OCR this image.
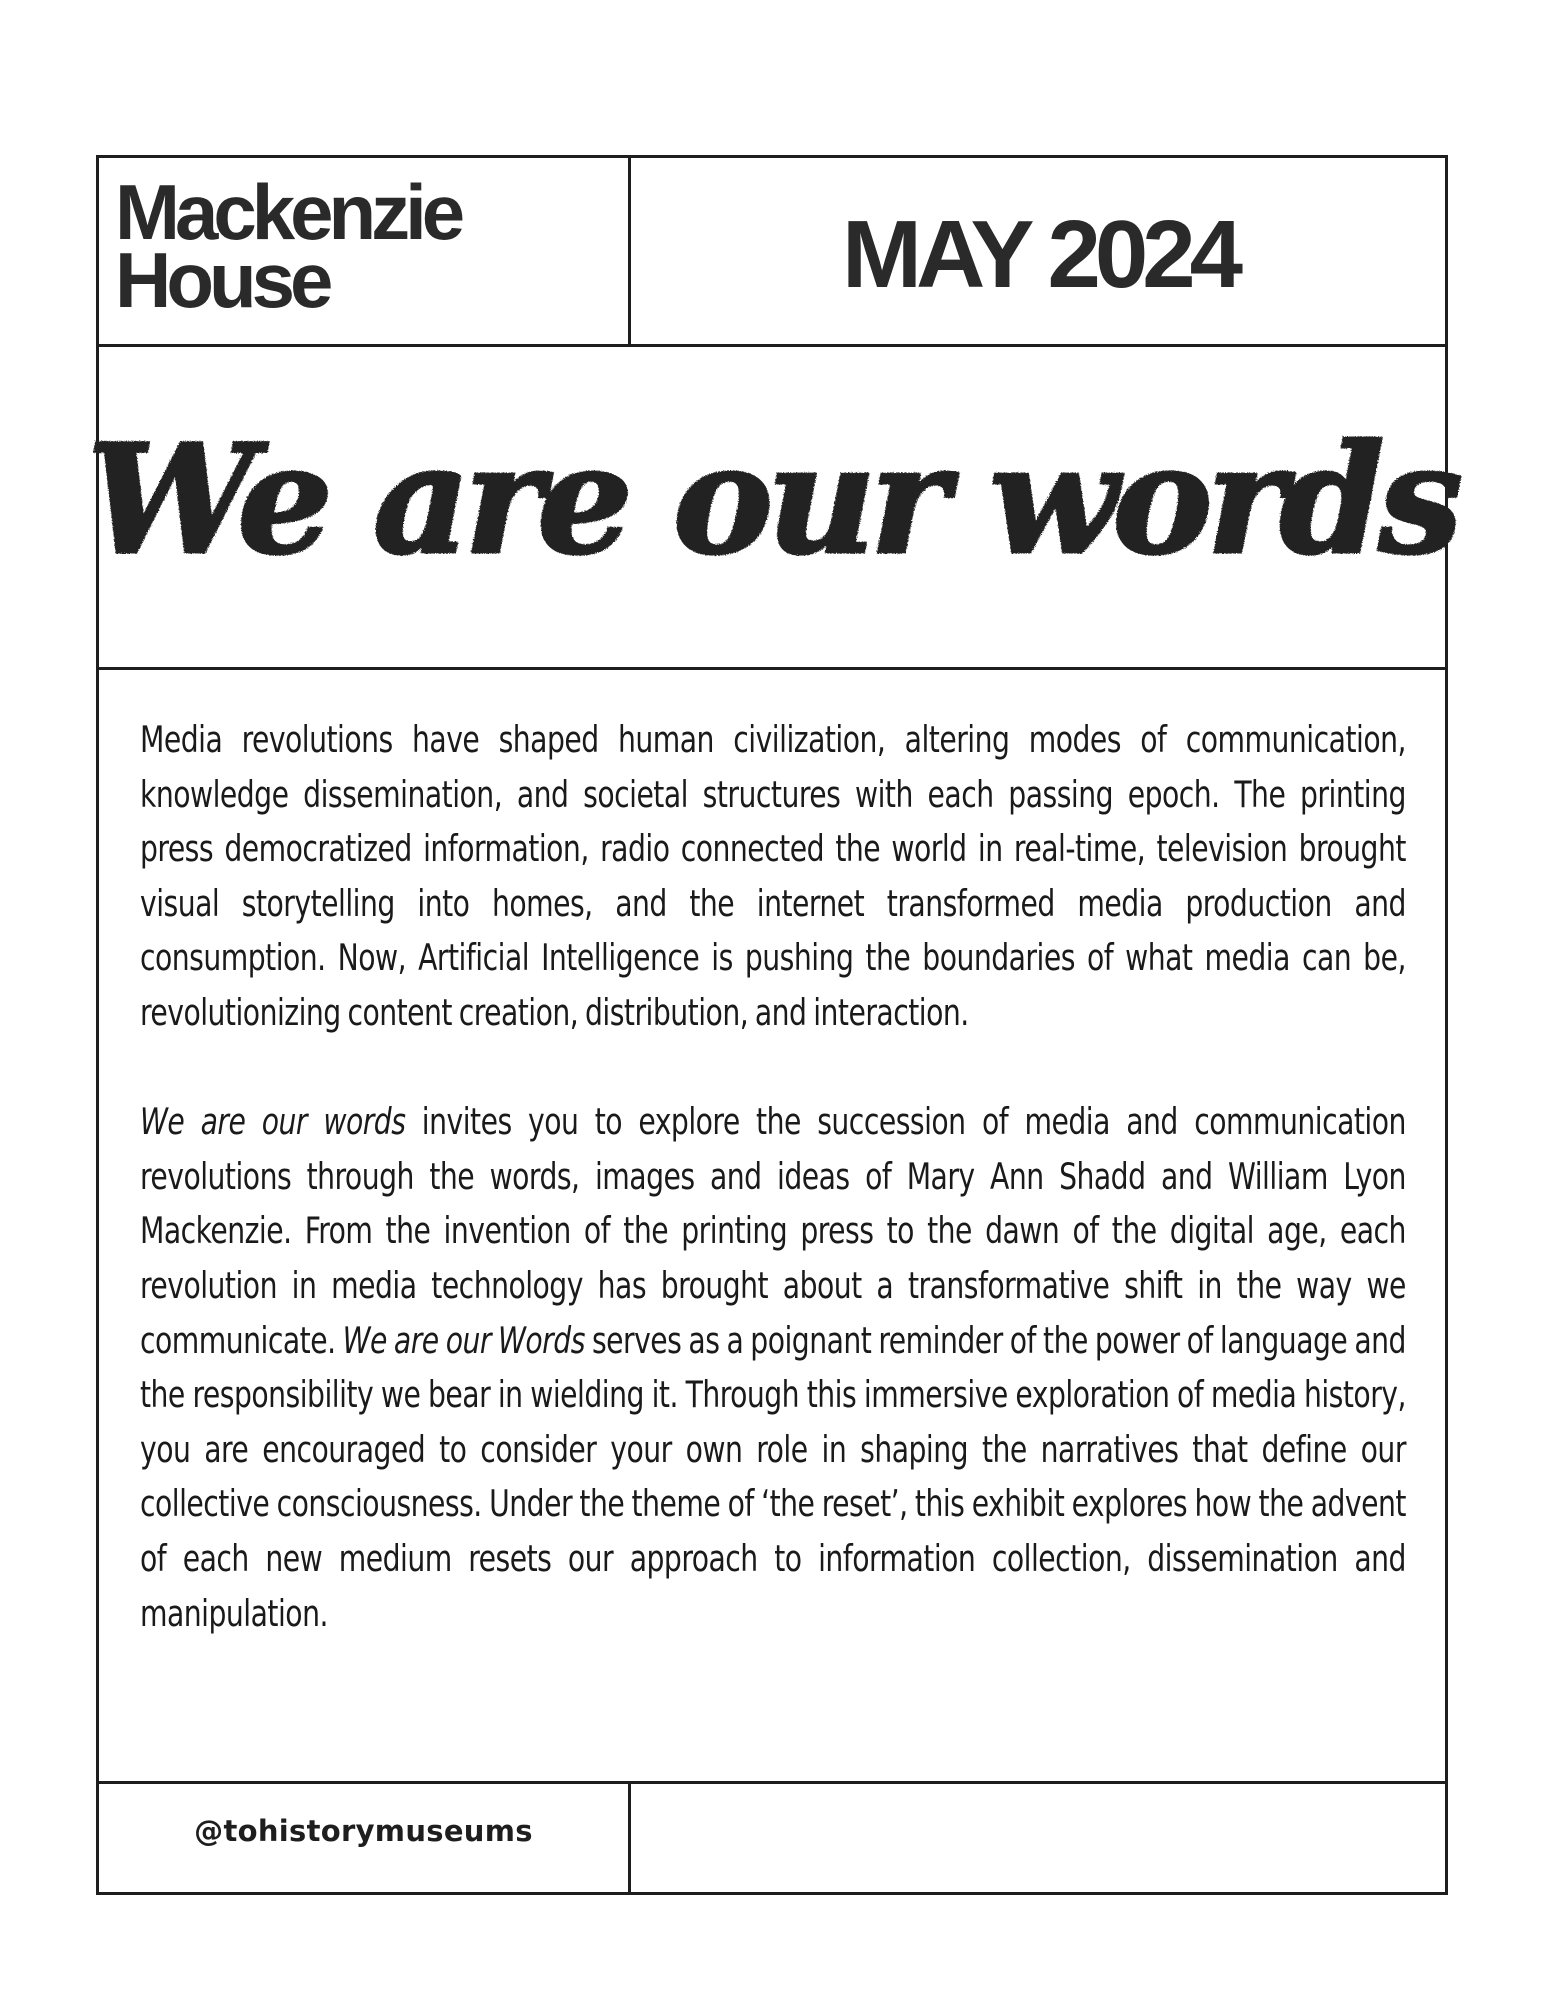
Mackenzie
House	MAY 2024
We are our words

Media revolutions have shaped human civilization, altering modes of communication, knowledge dissemination, and societal structures with each passing epoch. The printing press democratized information, radio connected the world in real-time, television brought visual storytelling into homes, and the internet transformed media production and consumption. Now, Artificial Intelligence is pushing the boundaries of what media can be, revolutionizing content creation, distribution, and interaction.

We are our words invites you to explore the succession of media and communication revolutions through the words, images and ideas of Mary Ann Shadd and William Lyon Mackenzie. From the invention of the printing press to the dawn of the digital age, each revolution in media technology has brought about a transformative shift in the way we communicate. We are our Words serves as a poignant reminder of the power of language and the responsibility we bear in wielding it. Through this immersive exploration of media history, you are encouraged to consider your own role in shaping the narratives that define our collective consciousness. Under the theme of ‘the reset’, this exhibit explores how the advent of each new medium resets our approach to information collection, dissemination and manipulation.

@tohistorymuseums
